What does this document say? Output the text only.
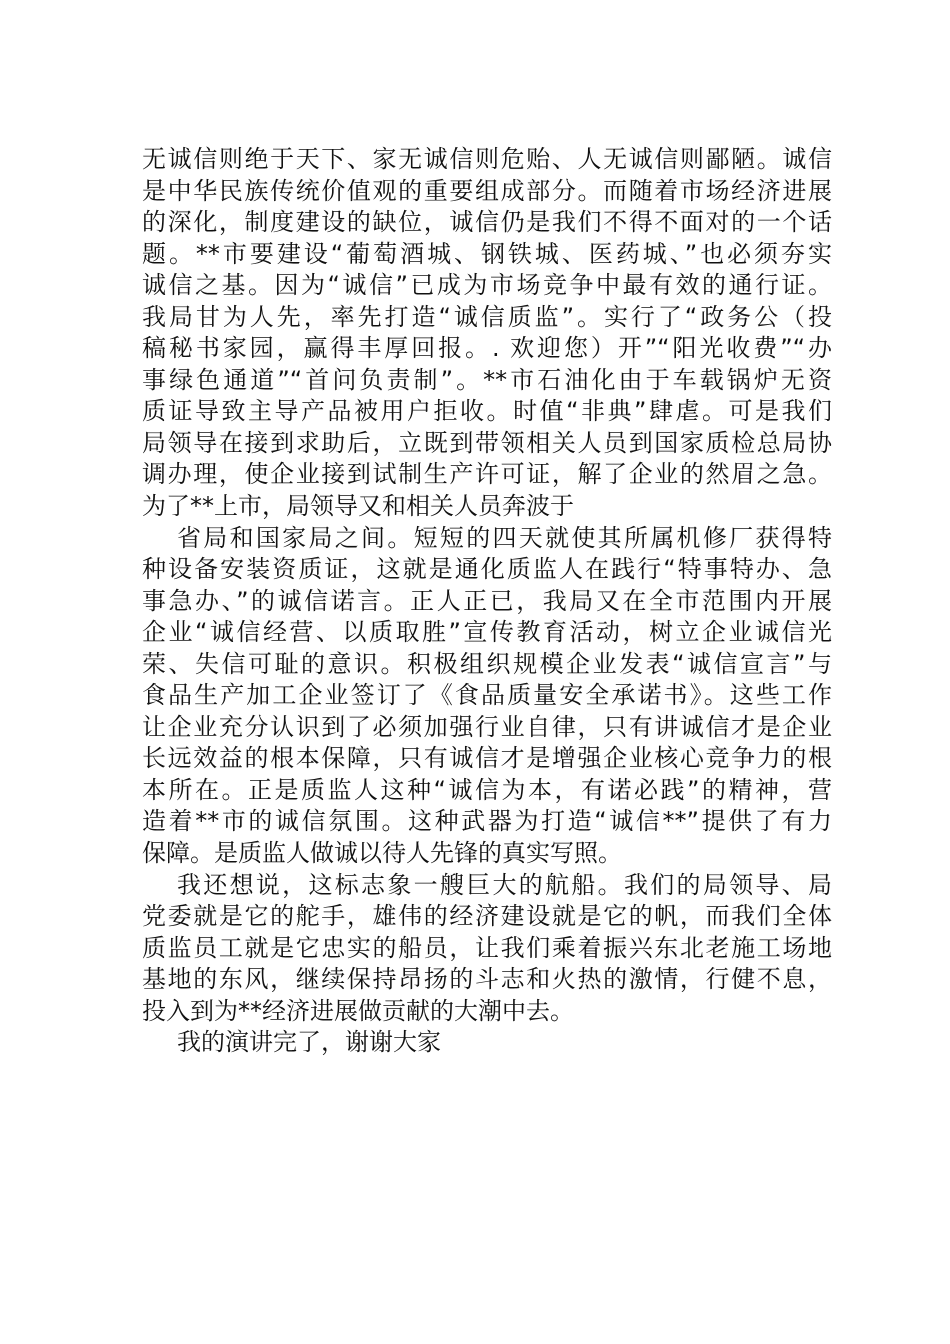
无诚信则绝于天下、家无诚信则危贻、人无诚信则鄙陋。诚信
是中华民族传统价值观的重要组成部分。而随着市场经济进展
的深化，制度建设的缺位，诚信仍是我们不得不面对的一个话
题。**市要建设“葡萄酒城、钢铁城、医药城、”也必须夯实
诚信之基。因为“诚信”已成为市场竞争中最有效的通行证。
我局甘为人先，率先打造“诚信质监”。实行了“政务公（投
稿秘书家园，赢得丰厚回报。. 欢迎您）开”“阳光收费”“办
事绿色通道”“首问负责制”。**市石油化由于车载锅炉无资
质证导致主导产品被用户拒收。时值“非典”肆虐。可是我们
局领导在接到求助后，立既到带领相关人员到国家质检总局协
调办理，使企业接到试制生产许可证，解了企业的然眉之急。
为了**上市，局领导又和相关人员奔波于
省局和国家局之间。短短的四天就使其所属机修厂获得特
种设备安装资质证，这就是通化质监人在践行“特事特办、急
事急办、”的诚信诺言。正人正已，我局又在全市范围内开展
企业“诚信经营、以质取胜”宣传教育活动，树立企业诚信光
荣、失信可耻的意识。积极组织规模企业发表“诚信宣言”与
食品生产加工企业签订了《食品质量安全承诺书》。这些工作
让企业充分认识到了必须加强行业自律，只有讲诚信才是企业
长远效益的根本保障，只有诚信才是增强企业核心竞争力的根
本所在。正是质监人这种“诚信为本，有诺必践”的精神，营
造着**市的诚信氛围。这种武器为打造“诚信**”提供了有力
保障。是质监人做诚以待人先锋的真实写照。
我还想说，这标志象一艘巨大的航船。我们的局领导、局
党委就是它的舵手，雄伟的经济建设就是它的帆，而我们全体
质监员工就是它忠实的船员，让我们乘着振兴东北老施工场地
基地的东风，继续保持昂扬的斗志和火热的激情，行健不息，
投入到为**经济进展做贡献的大潮中去。
我的演讲完了，谢谢大家
